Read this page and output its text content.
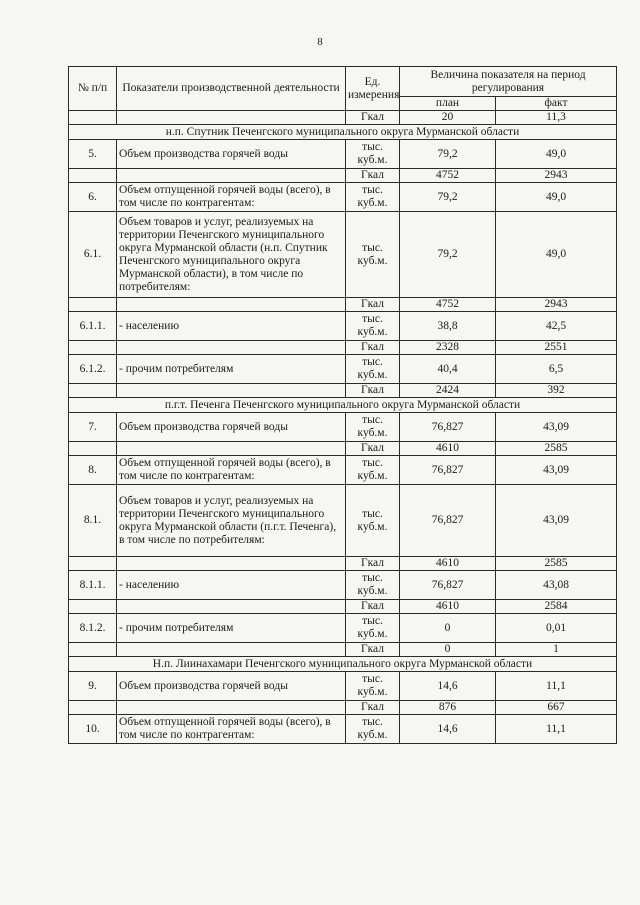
8
№ п/п	Показатели производственной деятельности	Ед. измерения	Величина показателя на период регулирования	
			план	факт
		Гкал	20	11,3
н.п. Спутник Печенгского муниципального округа Мурманской области				
5.	Объем производства горячей воды	тыс. куб.м.	79,2	49,0
		Гкал	4752	2943
6.	Объем отпущенной горячей воды (всего), в том числе по контрагентам:	тыс. куб.м.	79,2	49,0
6.1.	Объем товаров и услуг, реализуемых на территории Печенгского муниципального округа Мурманской области (н.п. Спутник Печенгского муниципального округа Мурманской области), в том числе по потребителям:	тыс. куб.м.	79,2	49,0
		Гкал	4752	2943
6.1.1.	- населению	тыс. куб.м.	38,8	42,5
		Гкал	2328	2551
6.1.2.	- прочим потребителям	тыс. куб.м.	40,4	6,5
		Гкал	2424	392
п.г.т. Печенга Печенгского муниципального округа Мурманской области				
7.	Объем производства горячей воды	тыс. куб.м.	76,827	43,09
		Гкал	4610	2585
8.	Объем отпущенной горячей воды (всего), в том числе по контрагентам:	тыс. куб.м.	76,827	43,09
8.1.	Объем товаров и услуг, реализуемых на территории Печенгского муниципального округа Мурманской области (п.г.т. Печенга), в том числе по потребителям:	тыс. куб.м.	76,827	43,09
		Гкал	4610	2585
8.1.1.	- населению	тыс. куб.м.	76,827	43,08
		Гкал	4610	2584
8.1.2.	- прочим потребителям	тыс. куб.м.	0	0,01
		Гкал	0	1
Н.п. Лиинахамари Печенгского муниципального округа Мурманской области				
9.	Объем производства горячей воды	тыс. куб.м.	14,6	11,1
		Гкал	876	667
10.	Объем отпущенной горячей воды (всего), в том числе по контрагентам:	тыс. куб.м.	14,6	11,1
